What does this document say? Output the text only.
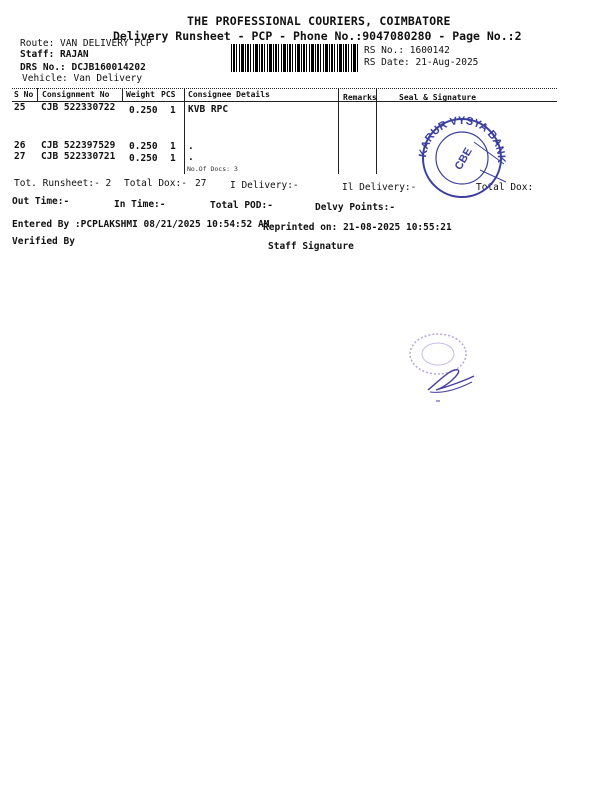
THE PROFESSIONAL COURIERS, COIMBATORE
Delivery Runsheet - PCP - Phone No.:9047080280 - Page No.:2
Route: VAN DELIVERY PCP
Staff: RAJAN
DRS No.: DCJB160014202
Vehicle: Van Delivery
RS No.: 1600142
RS Date: 21-Aug-2025
S No Consignment No Weight PCS Consignee Details	Remarks	Seal & Signature
25 CJB 522330722 0.250 1 KVB RPC
26 CJB 522397529 0.250 1 .
27 CJB 522330721 0.250 1 .
No.Of Docs: 3
Tot. Runsheet:- 2 Total Dox:- 27 I Delivery:-	Il Delivery:-	Total Dox:
Out Time:-	In Time:-	Total POD:-	Delvy Points:-
Entered By :PCPLAKSHMI 08/21/2025 10:54:52 AM
Reprinted on: 21-08-2025 10:55:21
Verified By	Staff Signature
KARUR VYSYA BANK
CBE
